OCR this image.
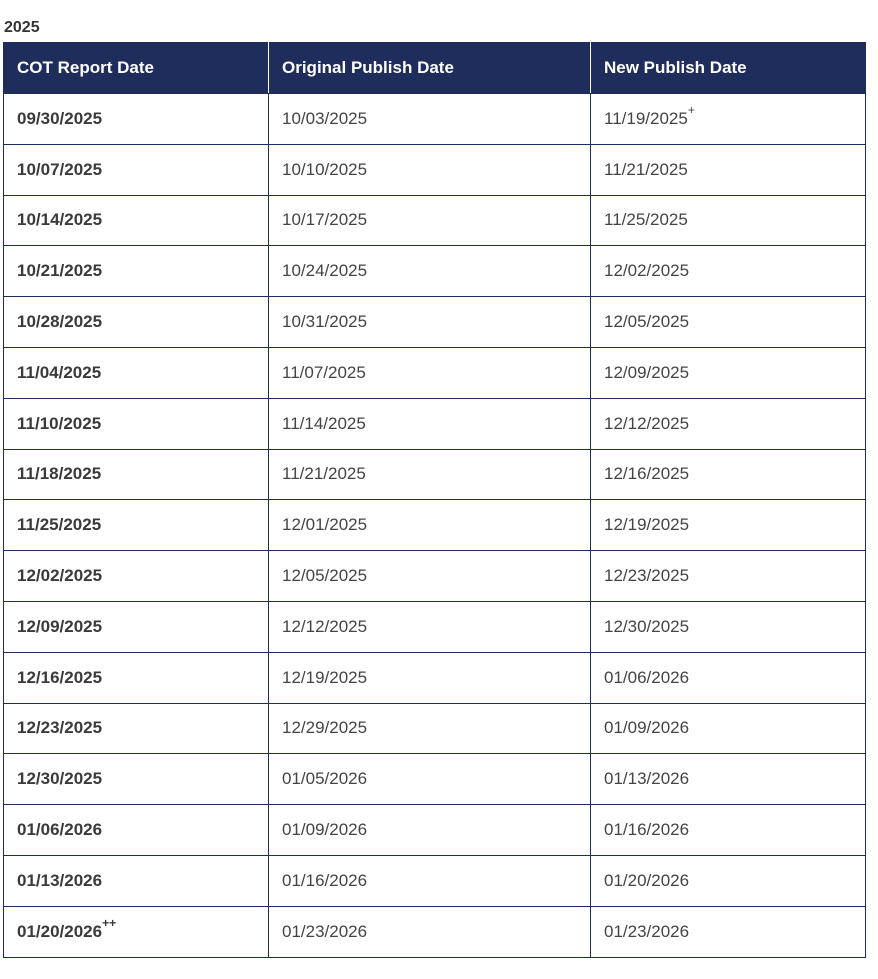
2025
COT Report Date	Original Publish Date	New Publish Date
09/30/2025	10/03/2025	11/19/2025+
10/07/2025	10/10/2025	11/21/2025
10/14/2025	10/17/2025	11/25/2025
10/21/2025	10/24/2025	12/02/2025
10/28/2025	10/31/2025	12/05/2025
11/04/2025	11/07/2025	12/09/2025
11/10/2025	11/14/2025	12/12/2025
11/18/2025	11/21/2025	12/16/2025
11/25/2025	12/01/2025	12/19/2025
12/02/2025	12/05/2025	12/23/2025
12/09/2025	12/12/2025	12/30/2025
12/16/2025	12/19/2025	01/06/2026
12/23/2025	12/29/2025	01/09/2026
12/30/2025	01/05/2026	01/13/2026
01/06/2026	01/09/2026	01/16/2026
01/13/2026	01/16/2026	01/20/2026
01/20/2026++	01/23/2026	01/23/2026
